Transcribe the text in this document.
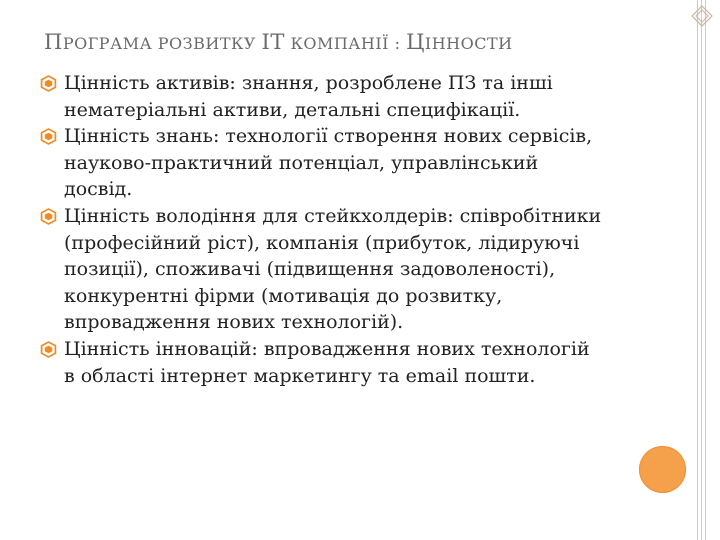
ПРОГРАМА РОЗВИТКУ IT КОМПАНІЇ : ЦІННОСТИ
Цінність активів: знання, розроблене ПЗ та інші нематеріальні активи, детальні специфікації.
Цінність знань: технології створення нових сервісів, науково-практичний потенціал, управлінський досвід.
Цінність володіння для стейкхолдерів: співробітники (професійний ріст), компанія (прибуток, лідируючі позиції), споживачі (підвищення задоволеності), конкурентні фірми (мотивація до розвитку, впровадження нових технологій).
Цінність інновацій: впровадження нових технологій в області інтернет маркетингу та email пошти.
